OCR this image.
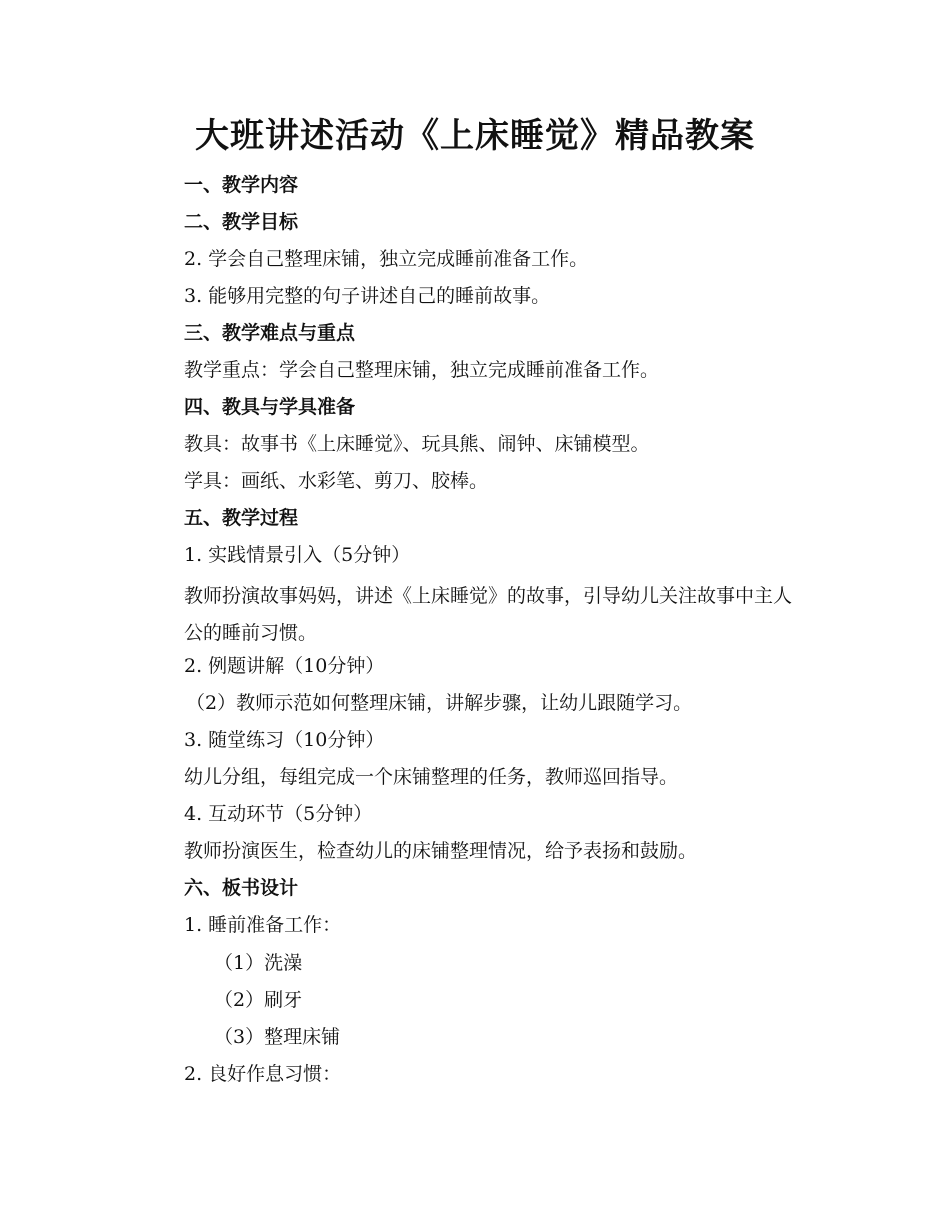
大班讲述活动《上床睡觉》精品教案

一、教学内容

二、教学目标

2. 学会自己整理床铺，独立完成睡前准备工作。

3. 能够用完整的句子讲述自己的睡前故事。

三、教学难点与重点

教学重点：学会自己整理床铺，独立完成睡前准备工作。

四、教具与学具准备

教具：故事书《上床睡觉》、玩具熊、闹钟、床铺模型。

学具：画纸、水彩笔、剪刀、胶棒。

五、教学过程

1. 实践情景引入（5分钟）

教师扮演故事妈妈，讲述《上床睡觉》的故事，引导幼儿关注故事中主人公的睡前习惯。

2. 例题讲解（10分钟）

（2）教师示范如何整理床铺，讲解步骤，让幼儿跟随学习。

3. 随堂练习（10分钟）

幼儿分组，每组完成一个床铺整理的任务，教师巡回指导。

4. 互动环节（5分钟）

教师扮演医生，检查幼儿的床铺整理情况，给予表扬和鼓励。

六、板书设计

1. 睡前准备工作：

（1）洗澡

（2）刷牙

（3）整理床铺

2. 良好作息习惯：
